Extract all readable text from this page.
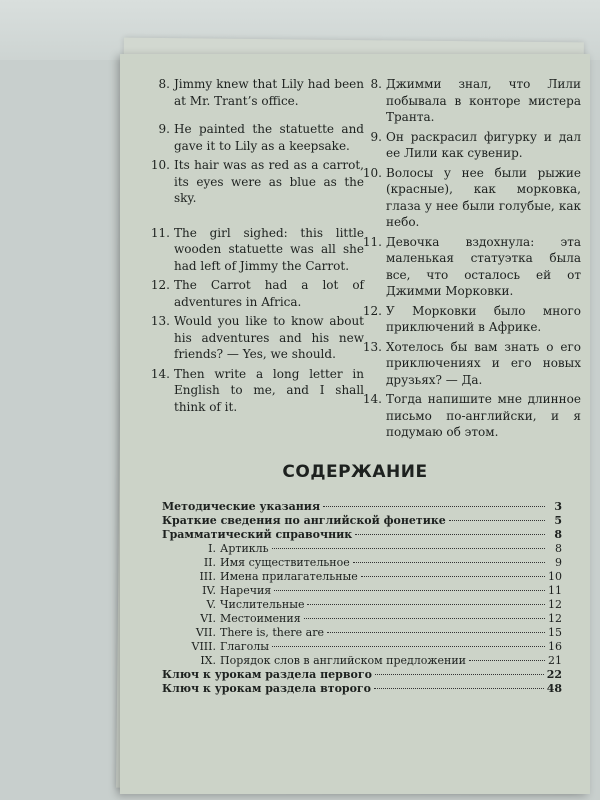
8. Jimmy knew that Lily had been at Mr. Trant’s office.
9. He painted the statuette and gave it to Lily as a keepsake.
10. Its hair was as red as a carrot, its eyes were as blue as the sky.
11. The girl sighed: this little wooden statuette was all she had left of Jimmy the Carrot.
12. The Carrot had a lot of adventures in Africa.
13. Would you like to know about his adventures and his new friends? — Yes, we should.
14. Then write a long letter in English to me, and I shall think of it.
8. Джимми знал, что Лили побывала в конторе мистера Транта.
9. Он раскрасил фигурку и дал ее Лили как сувенир.
10. Волосы у нее были рыжие (красные), как морковка, глаза у нее были голубые, как небо.
11. Девочка вздохнула: эта маленькая статуэтка была все, что осталось ей от Джимми Морковки.
12. У Морковки было много приключений в Африке.
13. Хотелось бы вам знать о его приключениях и его новых друзьях? — Да.
14. Тогда напишите мне длинное письмо по-английски, и я подумаю об этом.
СОДЕРЖАНИЕ
Методические указания	3
Краткие сведения по английской фонетике	5
Грамматический справочник	8
I. Артикль	8
II. Имя существительное	9
III. Имена прилагательные	10
IV. Наречия	11
V. Числительные	12
VI. Местоимения	12
VII. There is, there are	15
VIII. Глаголы	16
IX. Порядок слов в английском предложении	21
Ключ к урокам раздела первого	22
Ключ к урокам раздела второго	48
